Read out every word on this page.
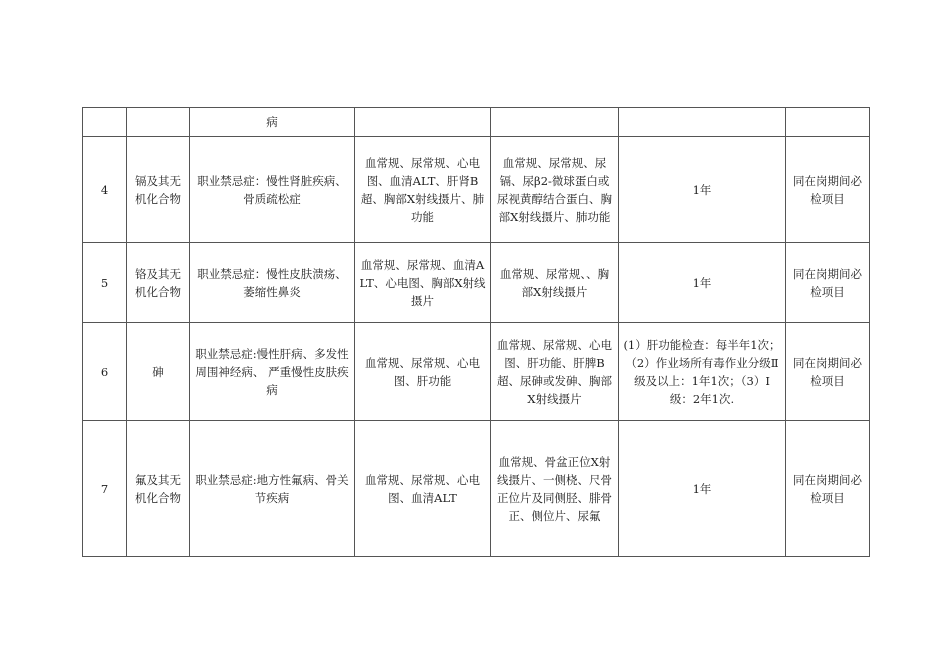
		病				
4	镉及其无机化合物	职业禁忌症：慢性肾脏疾病、骨质疏松症	血常规、尿常规、心电图、血清ALT、肝肾B超、胸部X射线摄片、肺功能	血常规、尿常规、尿镉、尿β2-微球蛋白或尿视黄醇结合蛋白、胸部X射线摄片、肺功能	1年	同在岗期间必检项目
5	铬及其无机化合物	职业禁忌症：慢性皮肤溃疡、萎缩性鼻炎	血常规、尿常规、血清ALT、心电图、胸部X射线摄片	血常规、尿常规、、胸部X射线摄片	1年	同在岗期间必检项目
6	砷	职业禁忌症:慢性肝病、多发性周围神经病、 严重慢性皮肤疾病	血常规、尿常规、心电图、肝功能	血常规、尿常规、心电图、肝功能、肝脾B超、尿砷或发砷、胸部X射线摄片	(1）肝功能检查：每半年1次；（2）作业场所有毒作业分级Ⅱ级及以上：1年1次；（3）Ⅰ级：2年1次.	同在岗期间必检项目
7	氟及其无机化合物	职业禁忌症:地方性氟病、骨关节疾病	血常规、尿常规、心电图、血清ALT	血常规、骨盆正位X射线摄片、一侧桡、尺骨正位片及同侧胫、腓骨正、侧位片、尿氟	1年	同在岗期间必检项目
